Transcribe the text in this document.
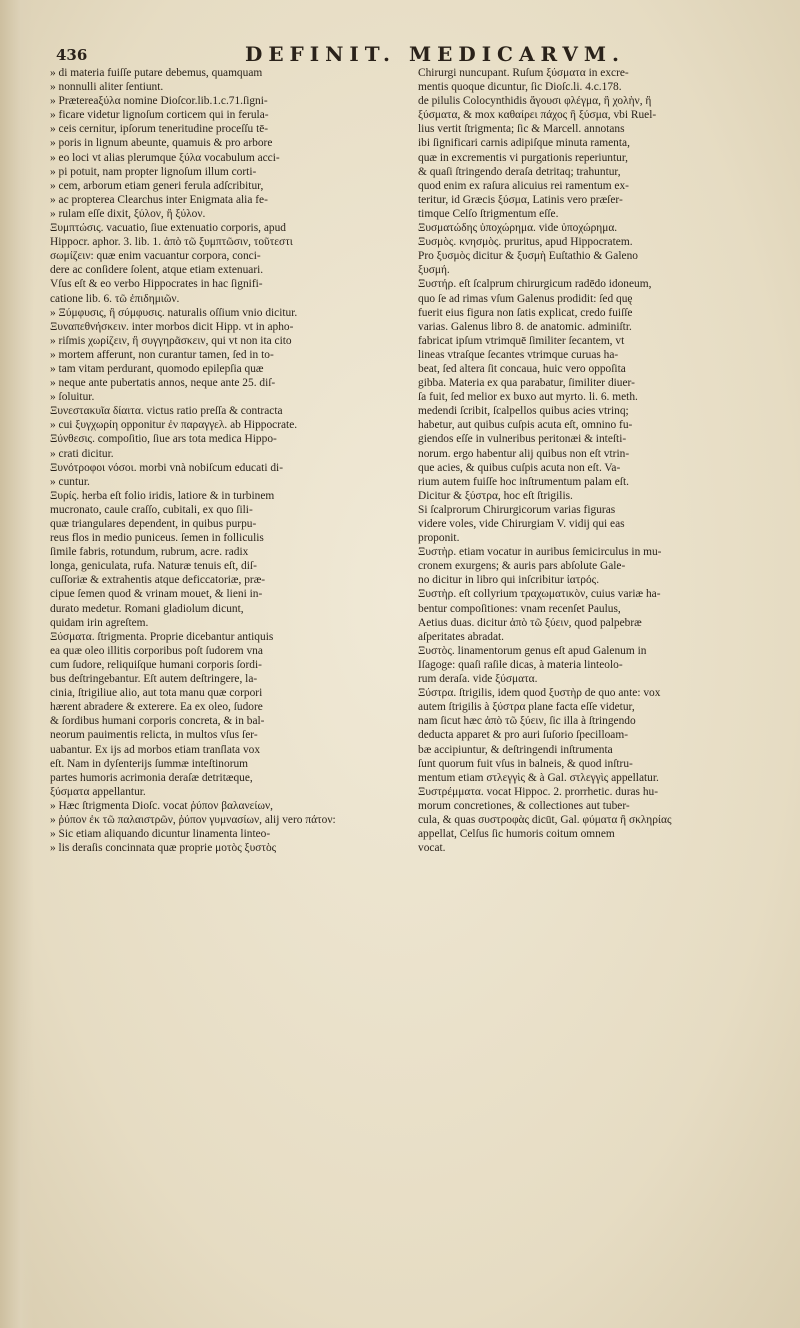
436	DEFINIT. MEDICARVM.

» di materia fuiſſe putare debemus, quamquam

» nonnulli aliter ſentiunt.

» Prætereaξύλα nomine Dioſcor.lib.1.c.71.ſigni-

» ficare videtur lignoſum corticem qui in ferula-

» ceis cernitur, ipſorum teneritudine proceſſu tē-

» poris in lignum abeunte, quamuis & pro arbore

» eo loci vt alias plerumque ξύλα vocabulum acci-

» pi potuit, nam propter lignoſum illum corti-

» cem, arborum etiam generi ferula adſcribitur,

» ac propterea Clearchus inter Enigmata alia fe-

» rulam eſſe dixit, ξύλον, ἢ ξύλον.

Ξυμπτώσις. vacuatio, ſiue extenuatio corporis, apud

Hippocr. aphor. 3. lib. 1. ἀπὸ τῶ ξυμπτῶσιν, τοῦτεστι

σωμίζειν: quæ enim vacuantur corpora, conci-

dere ac conſidere ſolent, atque etiam extenuari.

Vſus eſt & eo verbo Hippocrates in hac ſignifi-

catione lib. 6. τῶ ἐπιδημιῶν.

» Ξύμφυσις, ἢ σύμφυσις. naturalis oſſium vnio dicitur.

Ξυναπεθνήσκειν. inter morbos dicit Hipp. vt in apho-

» riſmis χωρίζειν, ἢ συγγηρᾶσκειν, qui vt non ita cito

» mortem afferunt, non curantur tamen, ſed in to-

» tam vitam perdurant, quomodo epilepſia quæ

» neque ante pubertatis annos, neque ante 25. diſ-

» ſoluitur.

Ξυνεστακυῖα δίαιτα. victus ratio preſſa & contracta

» cui ξυγχωρίη opponitur ἐν παραγγελ. ab Hippocrate.

Ξύνθεσις. compoſitio, ſiue ars tota medica Hippo-

» crati dicitur.

Ξυνότροφοι νόσοι. morbi vnà nobiſcum educati di-

» cuntur.

Ξυρίς. herba eſt folio iridis, latiore & in turbinem

mucronato, caule craſſo, cubitali, ex quo ſili-

quæ triangulares dependent, in quibus purpu-

reus flos in medio puniceus. ſemen in folliculis

ſimile fabris, rotundum, rubrum, acre. radix

longa, geniculata, rufa. Naturæ tenuis eſt, diſ-

cuſſoriæ & extrahentis atque deficcatoriæ, præ-

cipue ſemen quod & vrinam mouet, & lieni in-

durato medetur. Romani gladiolum dicunt,

quidam irin agreſtem.

Ξύσματα. ſtrigmenta. Proprie dicebantur antiquis

ea quæ oleo illitis corporibus poſt ſudorem vna

cum ſudore, reliquiſque humani corporis ſordi-

bus deſtringebantur. Eſt autem deſtringere, la-

cinia, ſtrigiliue alio, aut tota manu quæ corpori

hærent abradere & exterere. Ea ex oleo, ſudore

& ſordibus humani corporis concreta, & in bal-

neorum pauimentis relicta, in multos vſus ſer-

uabantur. Ex ijs ad morbos etiam tranſlata vox

eſt. Nam in dyſenterijs ſummæ inteſtinorum

partes humoris acrimonia deraſæ detritæque,

ξύσματα appellantur.

» Hæc ſtrigmenta Dioſc. vocat ῥύπον βαλανείων,

» ῥύπον ἐκ τῶ παλαιστρῶν, ῥύπον γυμνασίων, alij vero πάτον:

» Sic etiam aliquando dicuntur linamenta linteo-

» lis deraſis concinnata quæ proprie μοτὸς ξυστὸς

Chirurgi nuncupant. Ruſum ξύσματα in excre-

mentis quoque dicuntur, ſic Dioſc.li. 4.c.178.

de pilulis Colocynthidis ἄγουσι φλέγμα, ἢ χολὴν, ἢ

ξύσματα, & mox καθαίρει πάχος ἢ ξύσμα, vbi Ruel-

lius vertit ſtrigmenta; ſic & Marcell. annotans

ibi ſignificari carnis adipiſque minuta ramenta,

quæ in excrementis vi purgationis reperiuntur,

& quaſi ſtringendo deraſa detritaq; trahuntur,

quod enim ex raſura alicuius rei ramentum ex-

teritur, id Græcis ξύσμα, Latinis vero præſer-

timque Celſo ſtrigmentum eſſe.

Ξυσματώδης ὑποχώρημα. vide ὑποχώρημα.

Ξυσμὸς. κνησμὸς. pruritus, apud Hippocratem.

Pro ξυσμὸς dicitur & ξυσμὴ Euſtathio & Galeno

ξυσμή.

Ξυστήρ. eſt ſcalprum chirurgicum radēdo idoneum,

quo ſe ad rimas vſum Galenus prodidit: ſed quę

fuerit eius figura non ſatis explicat, credo fuiſſe

varias. Galenus libro 8. de anatomic. adminiſtr.

fabricat ipſum vtrimquē ſimiliter ſecantem, vt

lineas vtraſque ſecantes vtrimque curuas ha-

beat, ſed altera ſit concaua, huic vero oppoſita

gibba. Materia ex qua parabatur, ſimiliter diuer-

ſa fuit, ſed melior ex buxo aut myrto. li. 6. meth.

medendi ſcribit, ſcalpellos quibus acies vtrinq;

habetur, aut quibus cuſpis acuta eſt, omnino fu-

giendos eſſe in vulneribus peritonæi & inteſti-

norum. ergo habentur alij quibus non eſt vtrin-

que acies, & quibus cuſpis acuta non eſt. Va-

rium autem fuiſſe hoc inſtrumentum palam eſt.

Dicitur & ξύστρα, hoc eſt ſtrigilis.

Si ſcalprorum Chirurgicorum varias figuras

videre voles, vide Chirurgiam V. vidij qui eas

proponit.

Ξυστὴρ. etiam vocatur in auribus ſemicirculus in mu-

cronem exurgens; & auris pars abſolute Gale-

no dicitur in libro qui inſcribitur ἰατρός.

Ξυστὴρ. eſt collyrium τραχωματικὸν, cuius variæ ha-

bentur compoſitiones: vnam recenſet Paulus,

Aetius duas. dicitur ἀπὸ τῶ ξύειν, quod palpebræ

aſperitates abradat.

Ξυστὸς. linamentorum genus eſt apud Galenum in

Iſagoge: quaſi raſile dicas, à materia linteolo-

rum deraſa. vide ξύσματα.

Ξύστρα. ſtrigilis, idem quod ξυστὴρ de quo ante: vox

autem ſtrigilis à ξύστρα plane facta eſſe videtur,

nam ſicut hæc ἀπὸ τῶ ξύειν, ſic illa à ſtringendo

deducta apparet & pro auri ſuſorio ſpecilloam-

bæ accipiuntur, & deſtringendi inſtrumenta

ſunt quorum fuit vſus in balneis, & quod inſtru-

mentum etiam στλεγγὶς & à Gal. στλεγγὶς appellatur.

Ξυστρέμματα. vocat Hippoc. 2. prorrhetic. duras hu-

morum concretiones, & collectiones aut tuber-

cula, & quas συστροφὰς dicūt, Gal. φύματα ἢ σκληρίας

appellat, Celſus ſic humoris coitum omnem

vocat.
